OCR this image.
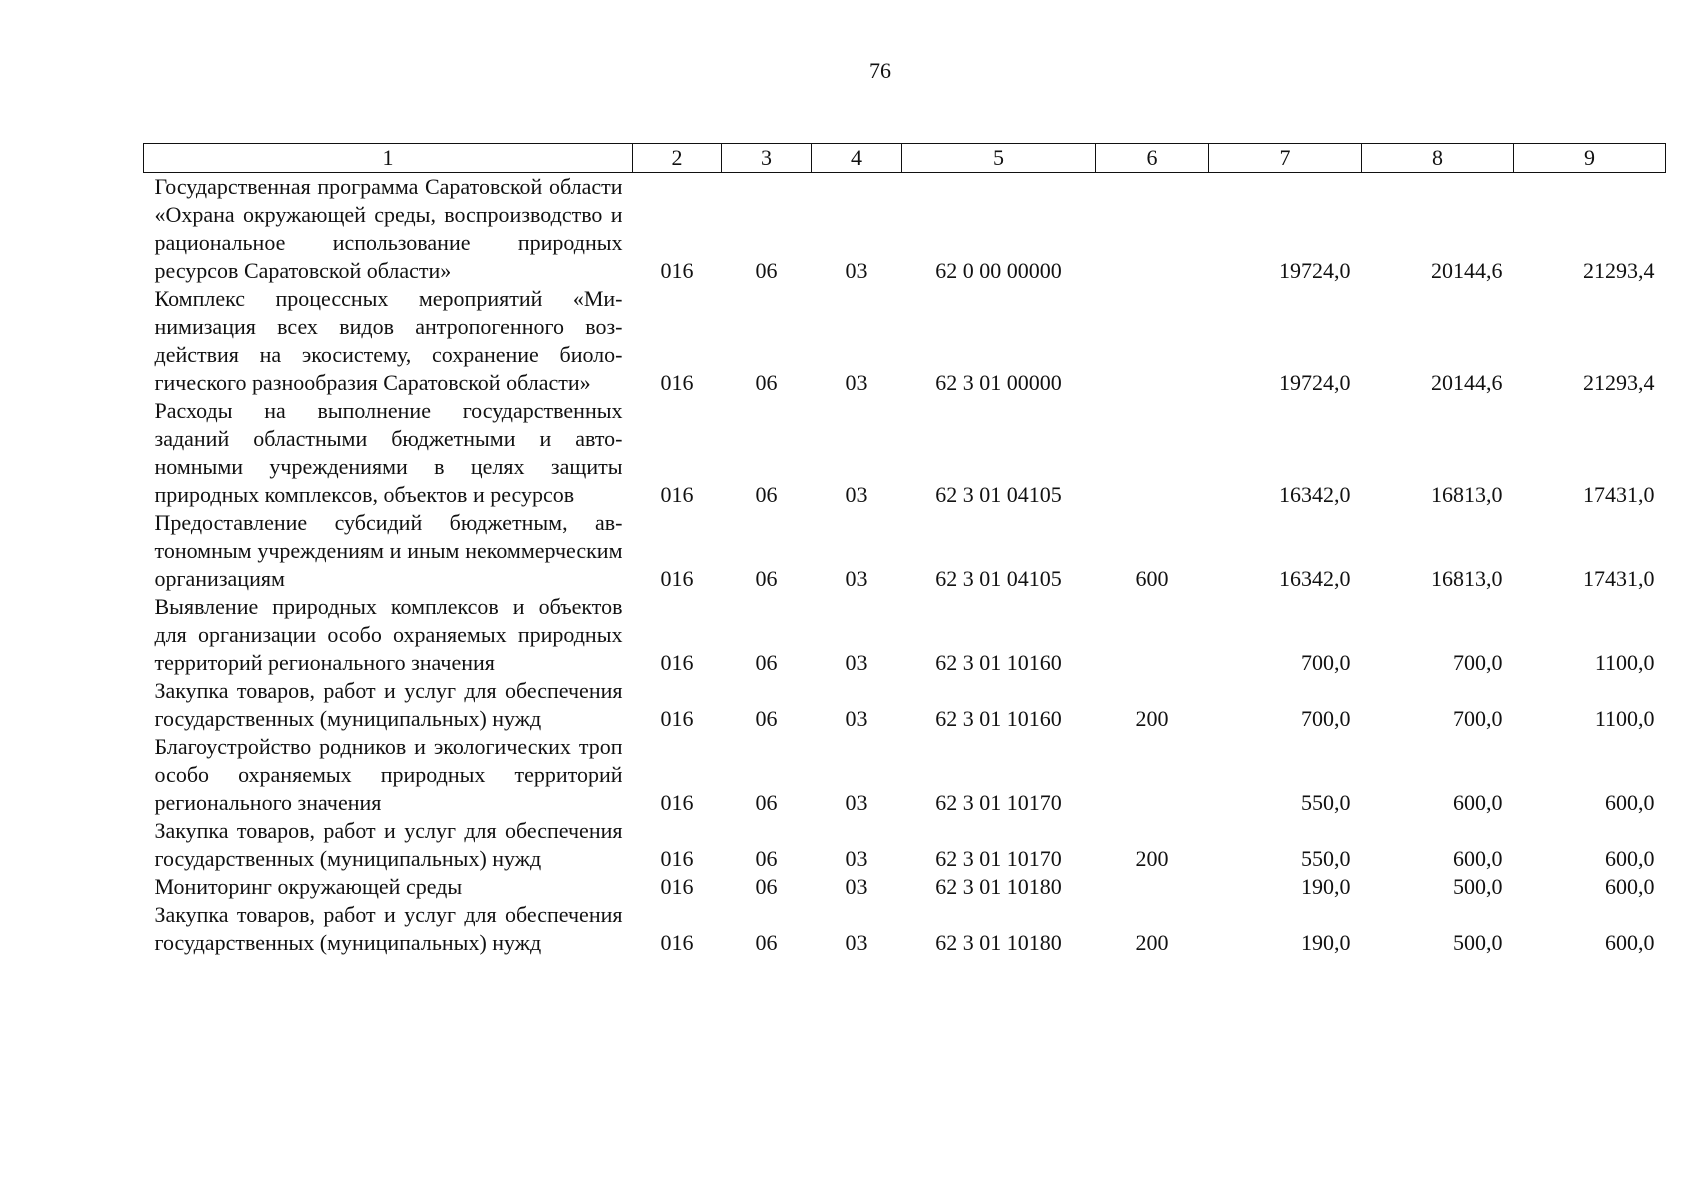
76
1	2	3	4	5	6	7	8	9
Государственная программа Саратовской области «Охрана окружающей среды, воспроизводство и рациональное использование природных ресурсов Саратовской области»	016	06	03	62 0 00 00000		19724,0	20144,6	21293,4
Комплекс процессных мероприятий «Минимизация всех видов антропогенного воздействия на экосистему, сохранение биологического разнообразия Саратовской области»	016	06	03	62 3 01 00000		19724,0	20144,6	21293,4
Расходы на выполнение государственных заданий областными бюджетными и автономными учреждениями в целях защиты природных комплексов, объектов и ресурсов	016	06	03	62 3 01 04105		16342,0	16813,0	17431,0
Предоставление субсидий бюджетным, автономным учреждениям и иным некоммерческим организациям	016	06	03	62 3 01 04105	600	16342,0	16813,0	17431,0
Выявление природных комплексов и объектов для организации особо охраняемых природных территорий регионального значения	016	06	03	62 3 01 10160		700,0	700,0	1100,0
Закупка товаров, работ и услуг для обеспечения государственных (муниципальных) нужд	016	06	03	62 3 01 10160	200	700,0	700,0	1100,0
Благоустройство родников и экологических троп особо охраняемых природных территорий регионального значения	016	06	03	62 3 01 10170		550,0	600,0	600,0
Закупка товаров, работ и услуг для обеспечения государственных (муниципальных) нужд	016	06	03	62 3 01 10170	200	550,0	600,0	600,0
Мониторинг окружающей среды	016	06	03	62 3 01 10180		190,0	500,0	600,0
Закупка товаров, работ и услуг для обеспечения государственных (муниципальных) нужд	016	06	03	62 3 01 10180	200	190,0	500,0	600,0
